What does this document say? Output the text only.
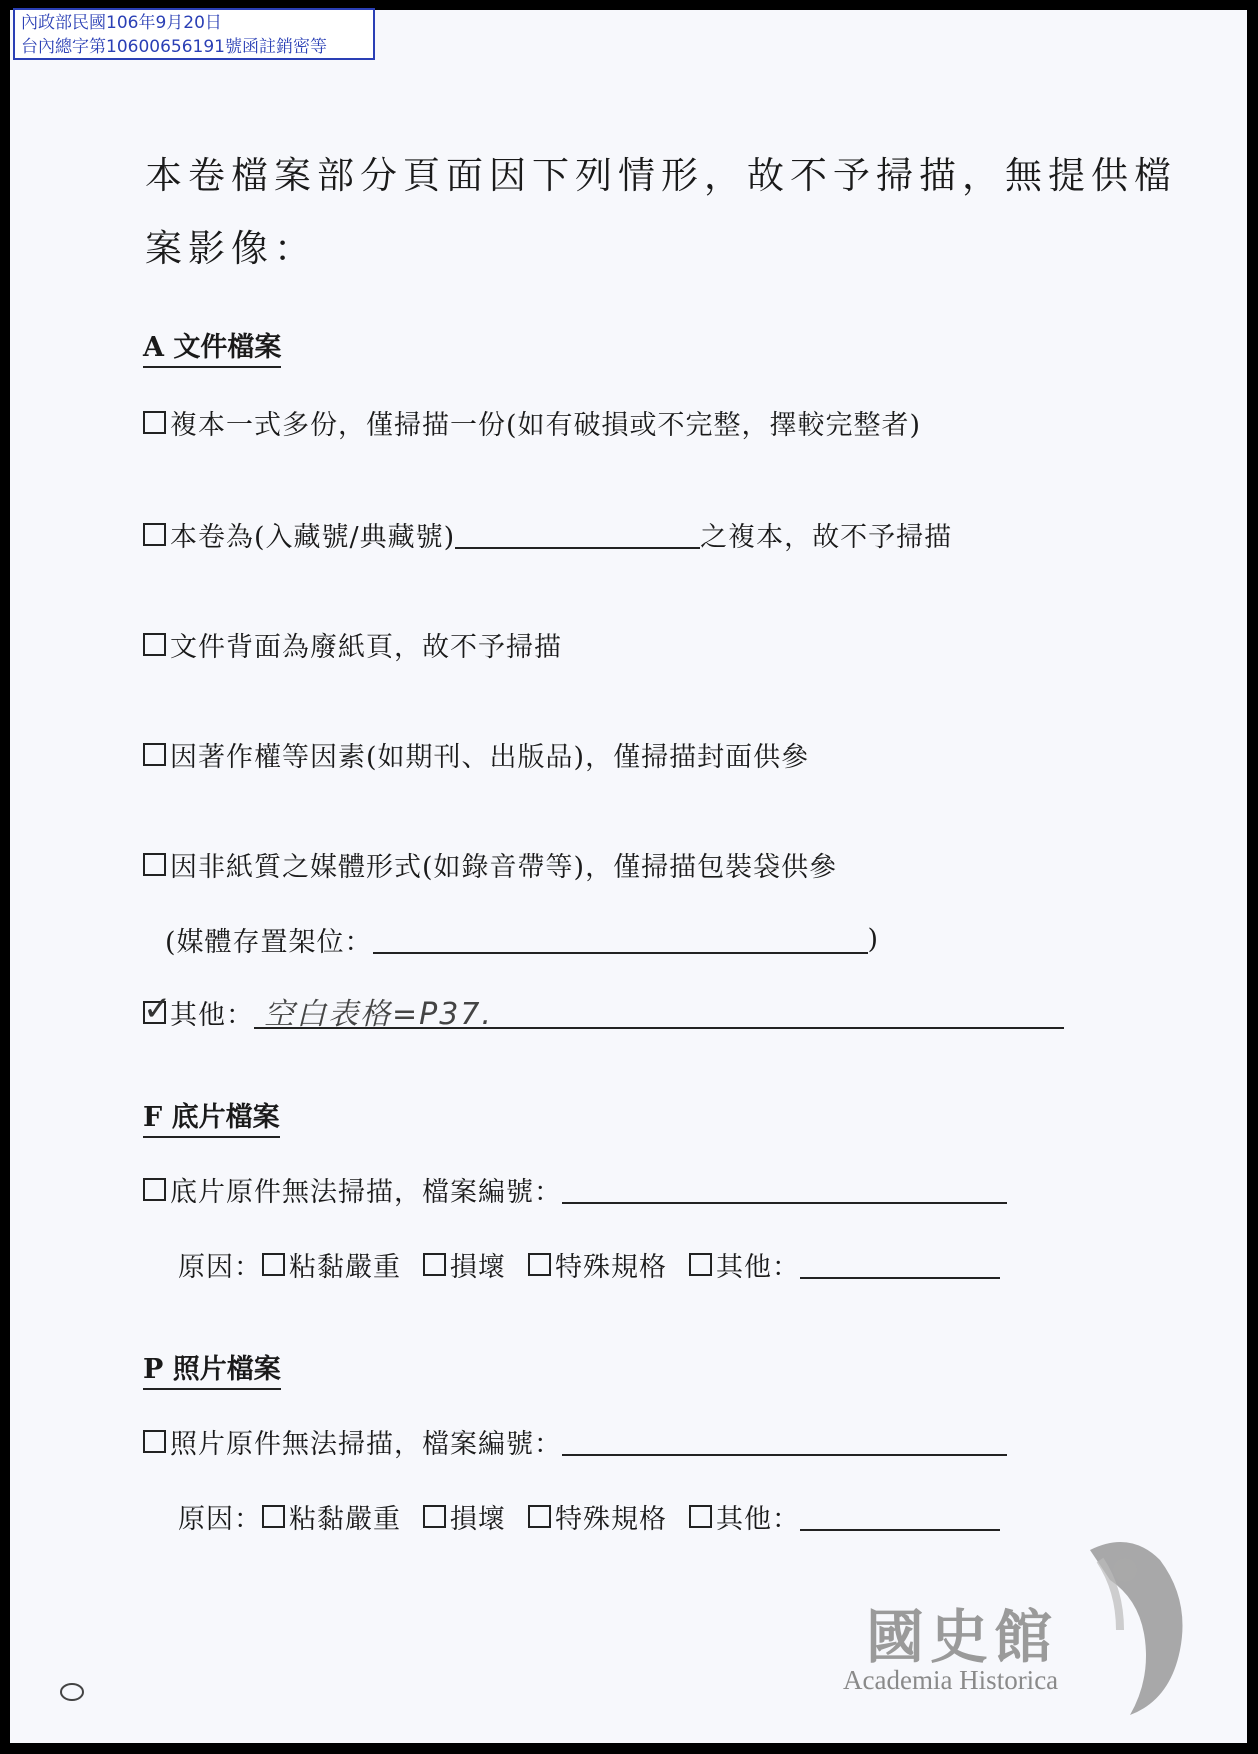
內政部民國106年9月20日
台內總字第10600656191號函註銷密等
本卷檔案部分頁面因下列情形，故不予掃描，無提供檔
案影像：
A 文件檔案
複本一式多份，僅掃描一份(如有破損或不完整，擇較完整者)
本卷為(入藏號/典藏號)	之複本，故不予掃描
文件背面為廢紙頁，故不予掃描
因著作權等因素(如期刊、出版品)，僅掃描封面供參
因非紙質之媒體形式(如錄音帶等)，僅掃描包裝袋供參
(媒體存置架位：	)
✓
其他： 空白表格=P37.
F 底片檔案
底片原件無法掃描，檔案編號：
原因： 粘黏嚴重 損壞 特殊規格 其他：
P 照片檔案
照片原件無法掃描，檔案編號：
原因： 粘黏嚴重 損壞 特殊規格 其他：
國史館
Academia Historica
